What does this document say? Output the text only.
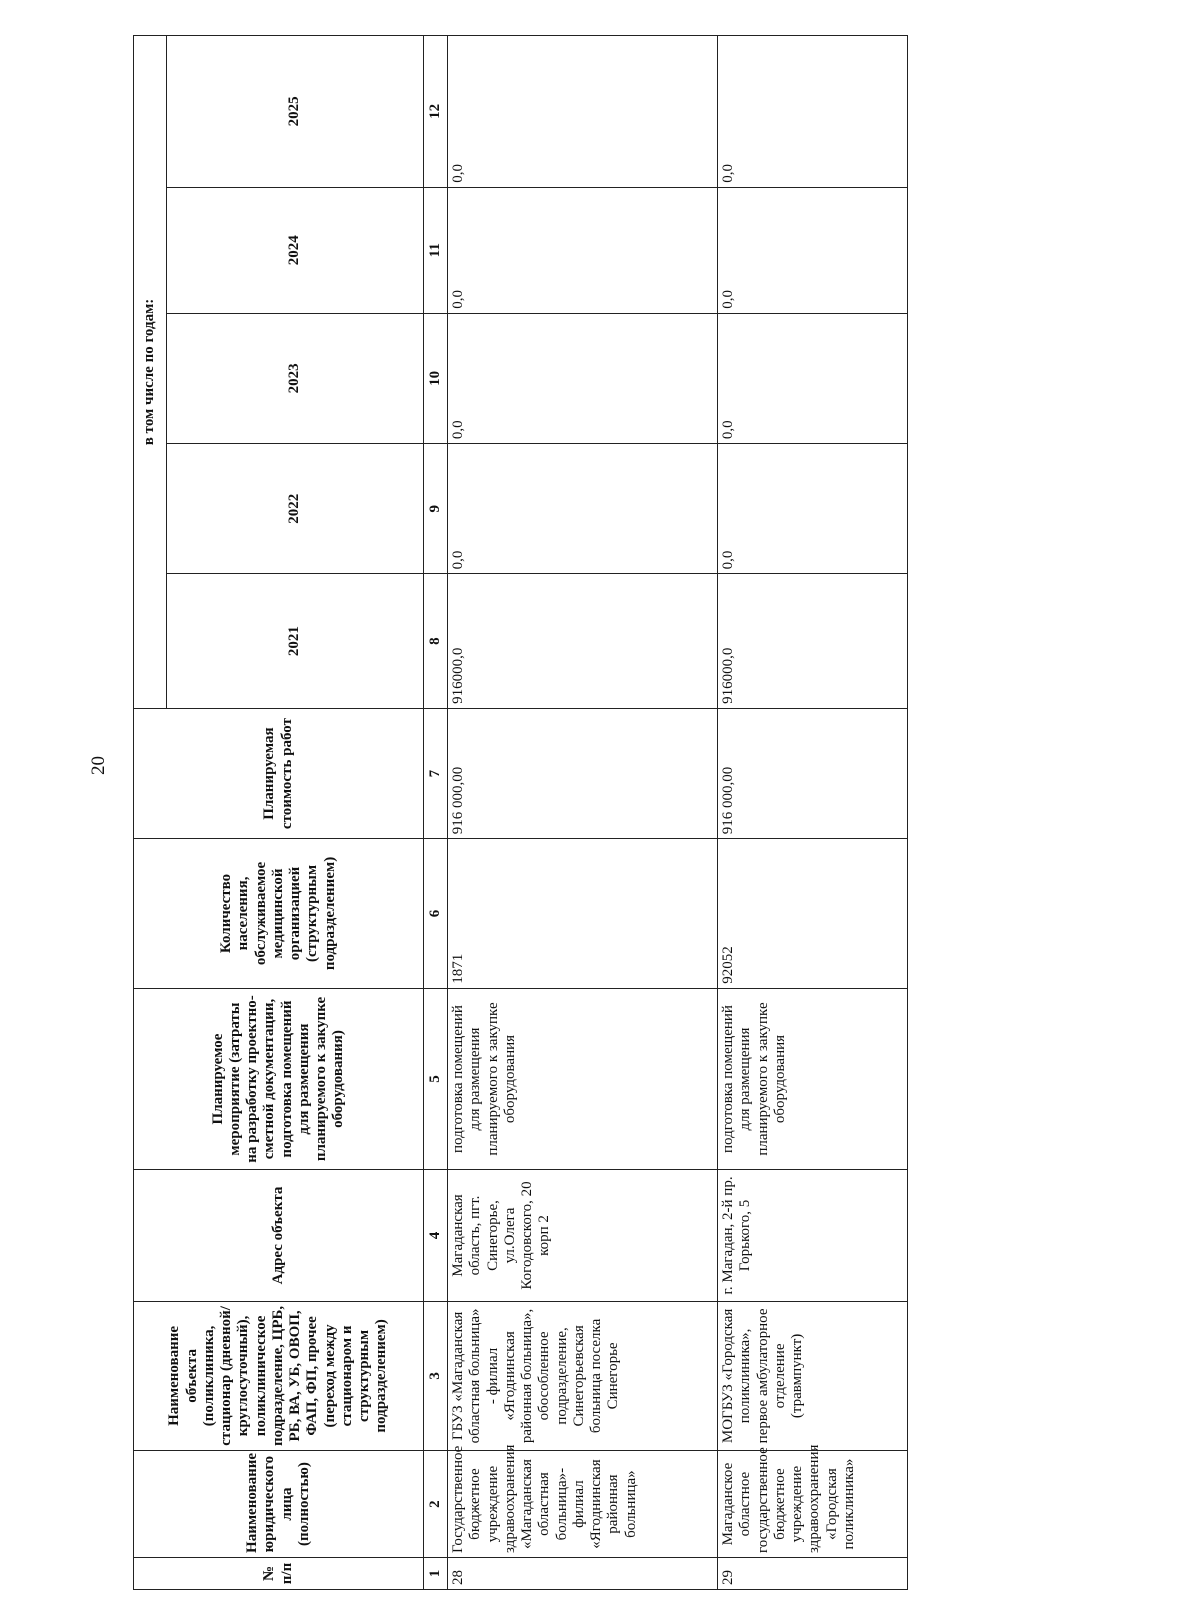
20
№ п/п	Наименование юридического лица (полностью)	Наименование объекта (поликлиника, стационар (дневной/круглосуточный), поликлиническое подразделение, ЦРБ, РБ, ВА, УБ, ОВОП, ФАП, ФП, прочее (переход между стационаром и структурным подразделением)	Адрес объекта	Планируемое мероприятие (затраты на разработку проектно-сметной документации, подготовка помещений для размещения планируемого к закупке оборудования)	Количество населения, обслуживаемое медицинской организацией (структурным подразделением)	Планируемая стоимость работ	в том числе по годам:				
							2021	2022	2023	2024	2025
1	2	3	4	5	6	7	8	9	10	11	12
28	Государственное бюджетное учреждение здравоохранения «Магаданская областная больница»- филиал «Ягоднинская районная больница»	ГБУЗ «Магаданская областная больница» - филиал «Ягоднинская районная больница», обособленное подразделение, Синегорьевская больница поселка Синегорье	Магаданская область, пгт. Синегорье, ул.Олега Когодовского, 20 корп 2	подготовка помещений для размещения планируемого к закупке оборудования	1871	916 000,00	916000,0	0,0	0,0	0,0	0,0
29	Магаданское областное государственное бюджетное учреждение здравоохранения «Городская поликлиника»	МОГБУЗ «Городская поликлиника», первое амбулаторное отделение (травмпункт)	г. Магадан, 2-й пр. Горького, 5	подготовка помещений для размещения планируемого к закупке оборудования	92052	916 000,00	916000,0	0,0	0,0	0,0	0,0
